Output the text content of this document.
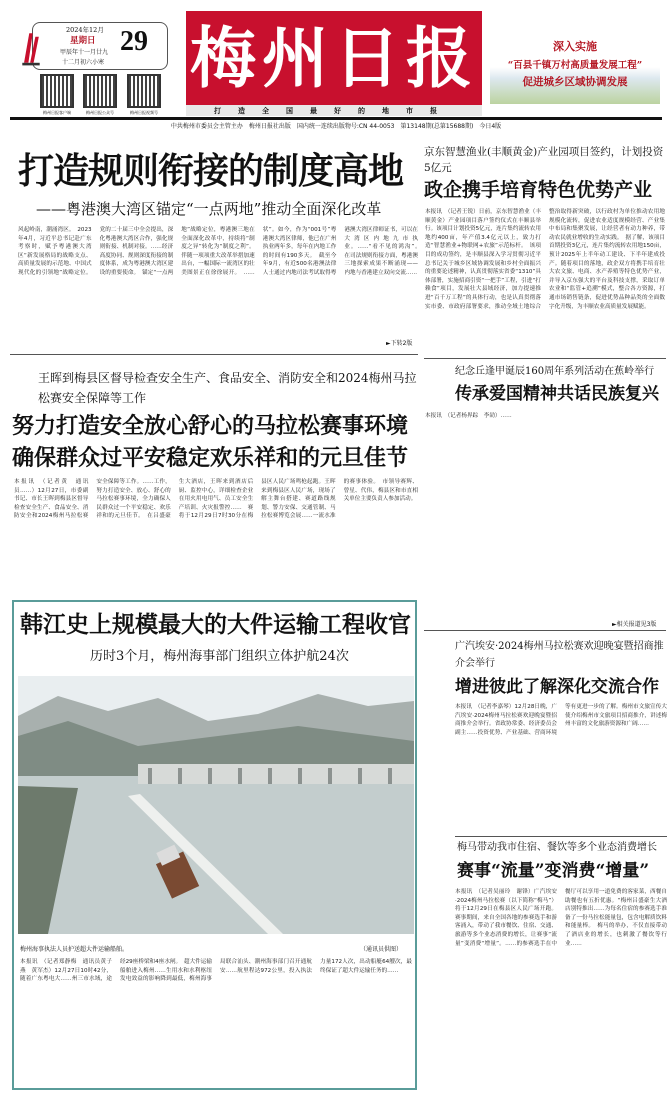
2024年12月
星期日
甲辰年十一月廿九
十二月初六小寒
29
梅州日报客户端	梅州日报公众号	梅州日报视频号
梅州日报
打造全国最好的地市报
深入实施
“百县千镇万村高质量发展工程”
促进城乡区域协调发展
中共梅州市委员会主管主办　梅州日报社出版　国内统一连续出版物号:CN 44-0053　第13148期(总第15688期)　今日4版
打造规则衔接的制度高地
——粤港澳大湾区锚定“一点两地”推动全面深化改革
风起岭南，潮涌湾区。　2023年4月，习近平总书记赴广东考察时，赋予粤港澳大湾区“新发展格局的战略支点、高质量发展的示范地、中国式现代化的引领地”战略定位。党的二十届三中全会提出，深化粤港澳大湾区合作，强化规则衔接、机制对接。……经济高度协同、规则深度衔接的制度体系，成为粤港澳大湾区建设的重要使命。　锚定“一点两地”战略定位，粤港澳三地在全面深化改革中，持续将“制度之异”转化为“制度之利”。伴随一项项重大改革举措加速出台，一幅国际一流湾区的壮美图景正在徐徐展开。　……状”。如今，作为“001号”粤港澳大湾区律师，他已在广州执业两年多，每年在内地工作的时间有190多天。　截至今年9月，有近500名港澳法律人士通过内地司法考试取得粤港澳大湾区律师证书，可以在大湾区内地九市执业。……“看不见的鸿沟”。　在司法规则衔接方面，粤港澳三地探索成果不断涌现——　内地与香港建立双向交流……
►下转2版
王晖到梅县区督导检查安全生产、食品安全、消防安全和2024梅州马拉松赛安全保障等工作
努力打造安全放心舒心的马拉松赛事环境
确保群众过平安稳定欢乐祥和的元旦佳节
本报讯　（记者黄　通讯员……）12月27日，市委副书记、市长王晖到梅县区督导检查安全生产、食品安全、消防安全和2024梅州马拉松赛安全保障等工作。……工作，努力打造安全、放心、舒心的马拉松赛事环境，全力确保人民群众过一个平安稳定、欢乐祥和的元旦佳节。　在吕盛豪生大酒店，王晖来到酒店后厨、监控中心，详细检查企业在用火用电用气、员工安全生产培训、火灾报警控……　赛将于12月29日7时30分在梅县区人民广场鸣枪起跑。王晖来到梅县区人民广场，现场了解主舞台搭建、赛道路线规划、警力安保、交通管制、马拉松赛博览会展……一流水准的赛事体验。　市领导赛辉、曾星、代伟，梅县区和市直相关单位主要负责人参加活动。
韩江史上规模最大的大件运输工程收官
历时3个月，梅州海事部门组织立体护航24次
梅州海事执法人员护送超大件运输船舶。	（通讯员供图）
本报讯　（记者郑静梅　通讯员黄子燕　黄军杰）12月27日10时42分，随着广东粤电大……州三市水域，途经29座桥梁和4座水闸。　超大件运输船舶进入梅州……生用水和水利枢纽发电效益的影响降到最低，梅州海事局联合汕头、潮州海事部门召开通航安……航里程达972公里，投入执法力量172人次，出动船艇64艘次，最终保证了超大件运输任务的……
京东智慧渔业(丰顺黄金)产业园项目签约，计划投资5亿元
政企携手培育特色优势产业
本报讯　（记者王锐）日前，京东智慧渔业（丰顺黄金）产业园项目落户签约仪式在丰顺县举行。该项目计划投资5亿元，连片集约流转农用地约400亩，年产值3.4亿元以上，致力打造“智慧渔业+物联网+农旅”示范标杆。　该项目的成功签约，是丰顺县深入学习贯彻习近平总书记关于城乡区域协调发展和乡村全面振兴的重要论述精神，认真贯彻落实省委“1310”具体部署，实施招商引资“一把手”工程，引进“打赖食”项目，发展壮大县域经济，加力提速推进“百千万工程”的具体行动，也是认真贯彻落实市委、市政府部署要求，推动全域土地综合整治取得新突破，以行政村为单位推动农用地规模化流转，促进农业适度规模经营、产业集中布局和集聚发展，让经营者有动力种养，带动农民就业增收的生动实践。　据了解，该项目首期投资3亿元，连片集约流转农用地150亩，预计2025年上半年动工建设、下半年建成投产。随着项目的落地，政企双方将携手培育壮大农文旅、电商、水产养殖等特色优势产业，并导入京东强大的平台及科技支撑，采取订单农业和“监管+追溯”模式，整合各方资源，打通市场销售链条，促进优势品种品类的全面数字化升级，为丰顺农业高质量发展赋能。
纪念丘逢甲诞辰160周年系列活动在蕉岭举行
传承爱国精神共话民族复兴
本报讯　（记者杨界踪　李劼）……
►相关报道见3版
广汽埃安·2024梅州马拉松赛欢迎晚宴暨招商推介会举行
增进彼此了解深化交流合作
本报讯　（记者李嘉琴）12月28日晚，广汽埃安·2024梅州马拉松赛欢迎晚宴暨招商推介会举行。省政协常委、经济委员会副主……投资优势、产业基础、营商环境等有更进一步的了解。梅州市文旅宣传大使介绍梅州市文旅项目招商推介，讲述梅州丰富的文化旅游资源和广阔……
梅马带动我市住宿、餐饮等多个业态消费增长
赛事“流量”变消费“增量”
本报讯　（记者吴丽玲　谢锋）广汽埃安·2024梅州马拉松赛（以下简称“梅马”）将于12月29日在梅县区人民广场开跑。赛事期间，来自全国各地的参赛选手和游客涌入，带动了我市餐饮、住宿、交通、旅游等多个业态消费的增长，让赛事“流量”变消费“增量”。……的参赛选手在中餐厅可以享用一道免费的客家菜，西餐自助餐也有五折优惠。“梅州吕盛豪生大酒店别特推出……为每名住宿的参赛选手准备了一份马拉松能量包，包含电解质饮料和能量棒。　梅马的举办，不仅直接带动了酒店业的增长，也刺激了餐饮等行业……
